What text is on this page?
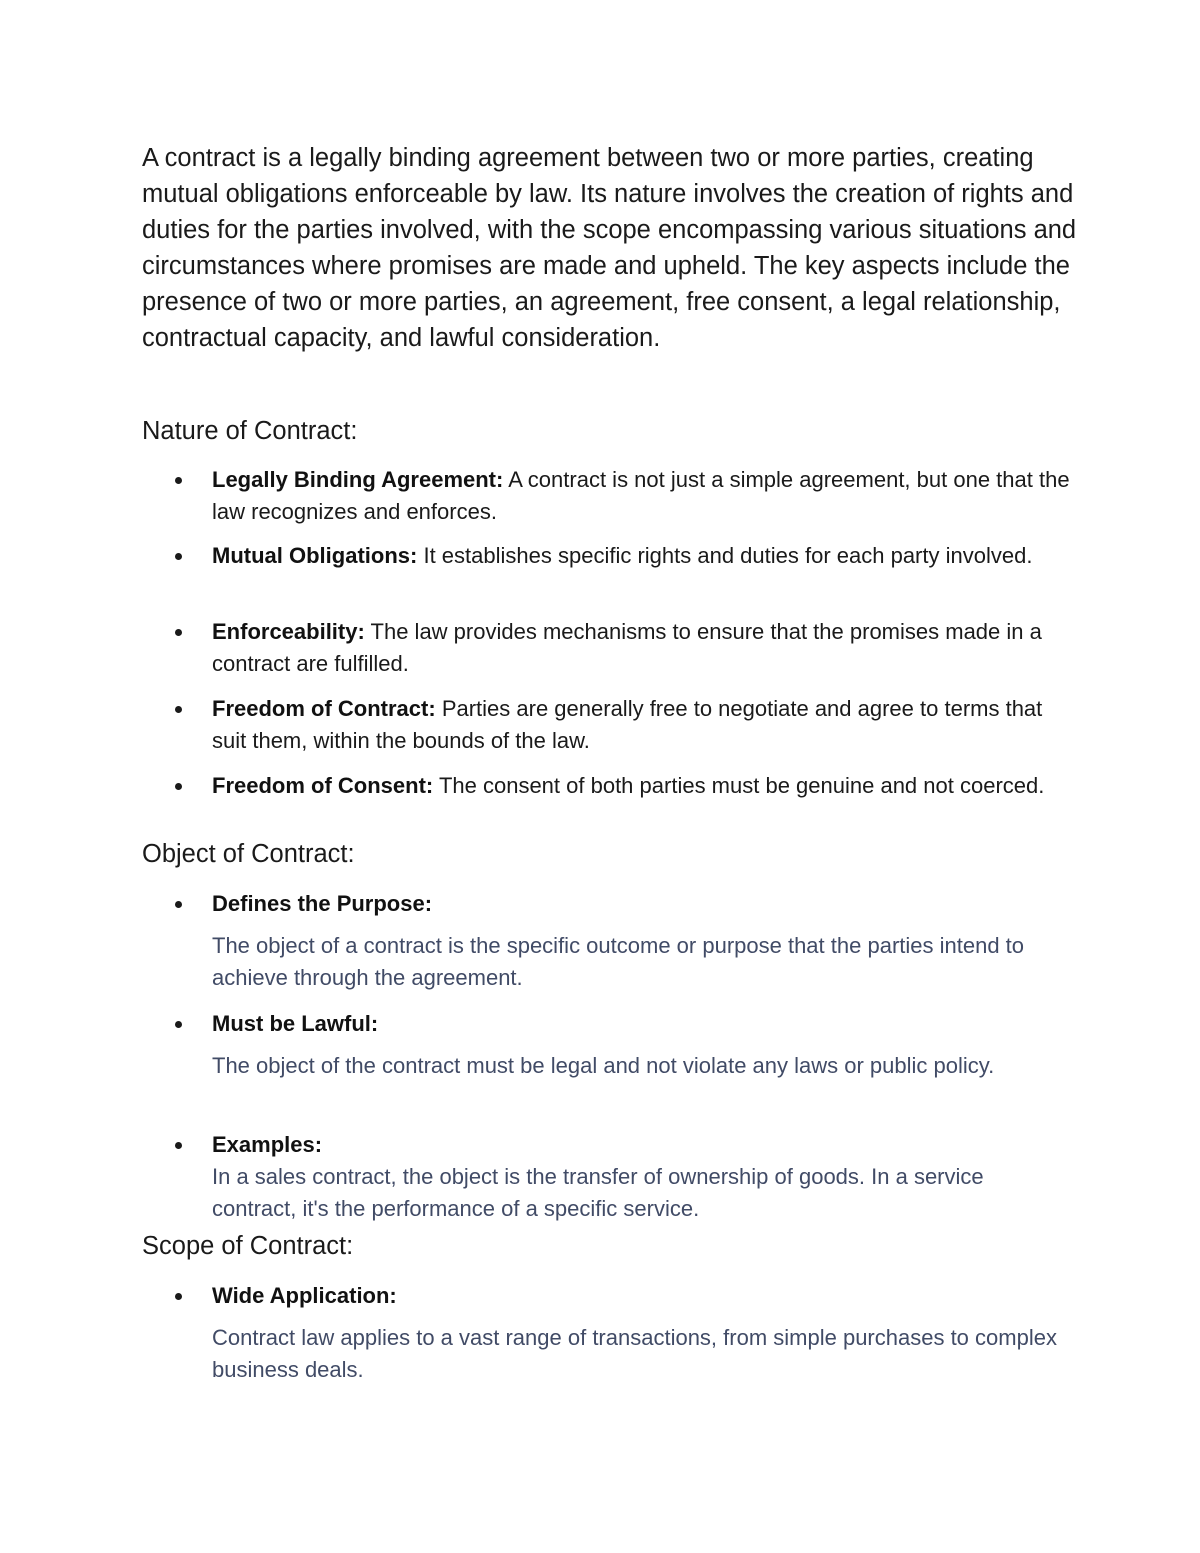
A contract is a legally binding agreement between two or more parties, creating mutual obligations enforceable by law. Its nature involves the creation of rights and duties for the parties involved, with the scope encompassing various situations and circumstances where promises are made and upheld. The key aspects include the presence of two or more parties, an agreement, free consent, a legal relationship, contractual capacity, and lawful consideration.

Nature of Contract:
Legally Binding Agreement: A contract is not just a simple agreement, but one that the law recognizes and enforces.
Mutual Obligations: It establishes specific rights and duties for each party involved.
Enforceability: The law provides mechanisms to ensure that the promises made in a contract are fulfilled.
Freedom of Contract: Parties are generally free to negotiate and agree to terms that suit them, within the bounds of the law.
Freedom of Consent: The consent of both parties must be genuine and not coerced.
Object of Contract:
Defines the Purpose:
The object of a contract is the specific outcome or purpose that the parties intend to achieve through the agreement.
Must be Lawful:
The object of the contract must be legal and not violate any laws or public policy.
Examples:
In a sales contract, the object is the transfer of ownership of goods. In a service contract, it's the performance of a specific service.
Scope of Contract:
Wide Application:
Contract law applies to a vast range of transactions, from simple purchases to complex business deals.
